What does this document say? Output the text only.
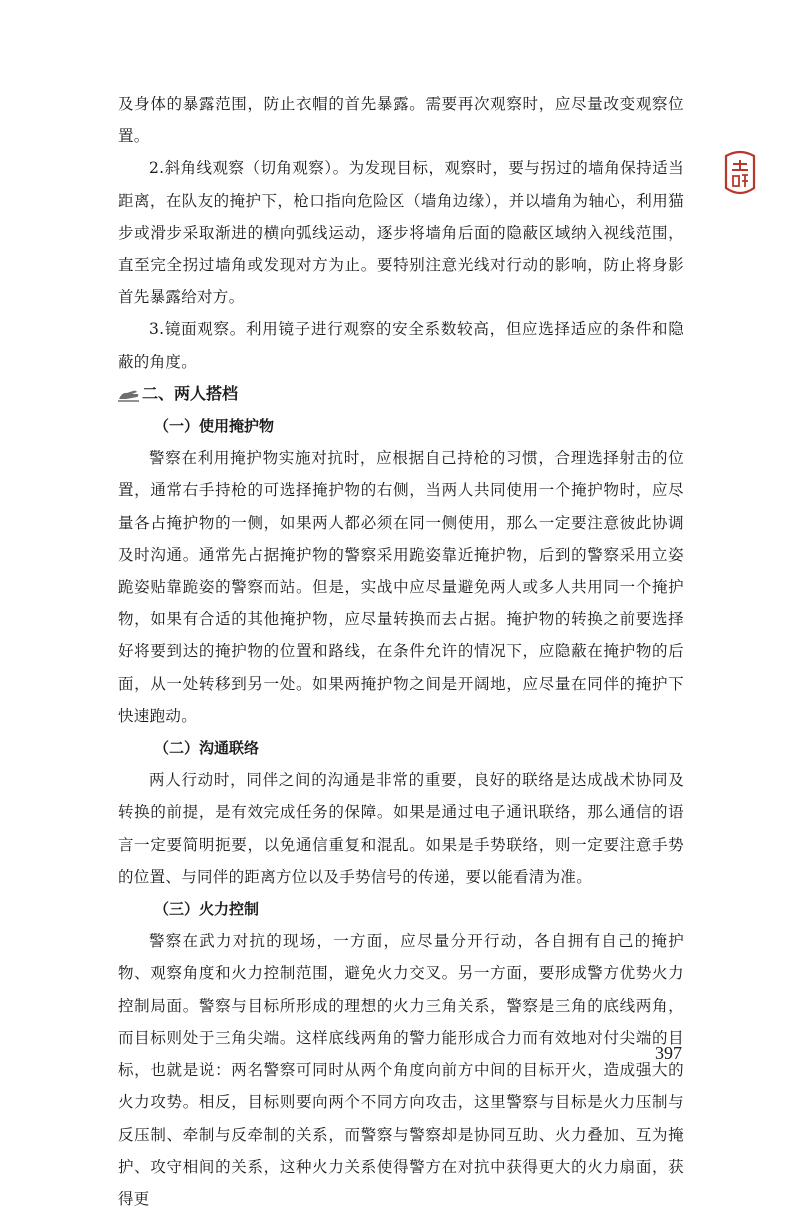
及身体的暴露范围，防止衣帽的首先暴露。需要再次观察时，应尽量改变观察位置。

2.斜角线观察（切角观察）。为发现目标，观察时，要与拐过的墙角保持适当距离，在队友的掩护下，枪口指向危险区（墙角边缘），并以墙角为轴心，利用猫步或滑步采取渐进的横向弧线运动，逐步将墙角后面的隐蔽区域纳入视线范围，直至完全拐过墙角或发现对方为止。要特别注意光线对行动的影响，防止将身影首先暴露给对方。

3.镜面观察。利用镜子进行观察的安全系数较高，但应选择适应的条件和隐蔽的角度。

二、两人搭档
（一）使用掩护物

警察在利用掩护物实施对抗时，应根据自己持枪的习惯，合理选择射击的位置，通常右手持枪的可选择掩护物的右侧，当两人共同使用一个掩护物时，应尽量各占掩护物的一侧，如果两人都必须在同一侧使用，那么一定要注意彼此协调及时沟通。通常先占据掩护物的警察采用跪姿靠近掩护物，后到的警察采用立姿跪姿贴靠跪姿的警察而站。但是，实战中应尽量避免两人或多人共用同一个掩护物，如果有合适的其他掩护物，应尽量转换而去占据。掩护物的转换之前要选择好将要到达的掩护物的位置和路线，在条件允许的情况下，应隐蔽在掩护物的后面，从一处转移到另一处。如果两掩护物之间是开阔地，应尽量在同伴的掩护下快速跑动。

（二）沟通联络

两人行动时，同伴之间的沟通是非常的重要，良好的联络是达成战术协同及转换的前提，是有效完成任务的保障。如果是通过电子通讯联络，那么通信的语言一定要简明扼要，以免通信重复和混乱。如果是手势联络，则一定要注意手势的位置、与同伴的距离方位以及手势信号的传递，要以能看清为准。

（三）火力控制

警察在武力对抗的现场，一方面，应尽量分开行动，各自拥有自己的掩护物、观察角度和火力控制范围，避免火力交叉。另一方面，要形成警方优势火力控制局面。警察与目标所形成的理想的火力三角关系，警察是三角的底线两角，而目标则处于三角尖端。这样底线两角的警力能形成合力而有效地对付尖端的目标，也就是说：两名警察可同时从两个角度向前方中间的目标开火，造成强大的火力攻势。相反，目标则要向两个不同方向攻击，这里警察与目标是火力压制与反压制、牵制与反牵制的关系，而警察与警察却是协同互助、火力叠加、互为掩护、攻守相间的关系，这种火力关系使得警方在对抗中获得更大的火力扇面，获得更

397
